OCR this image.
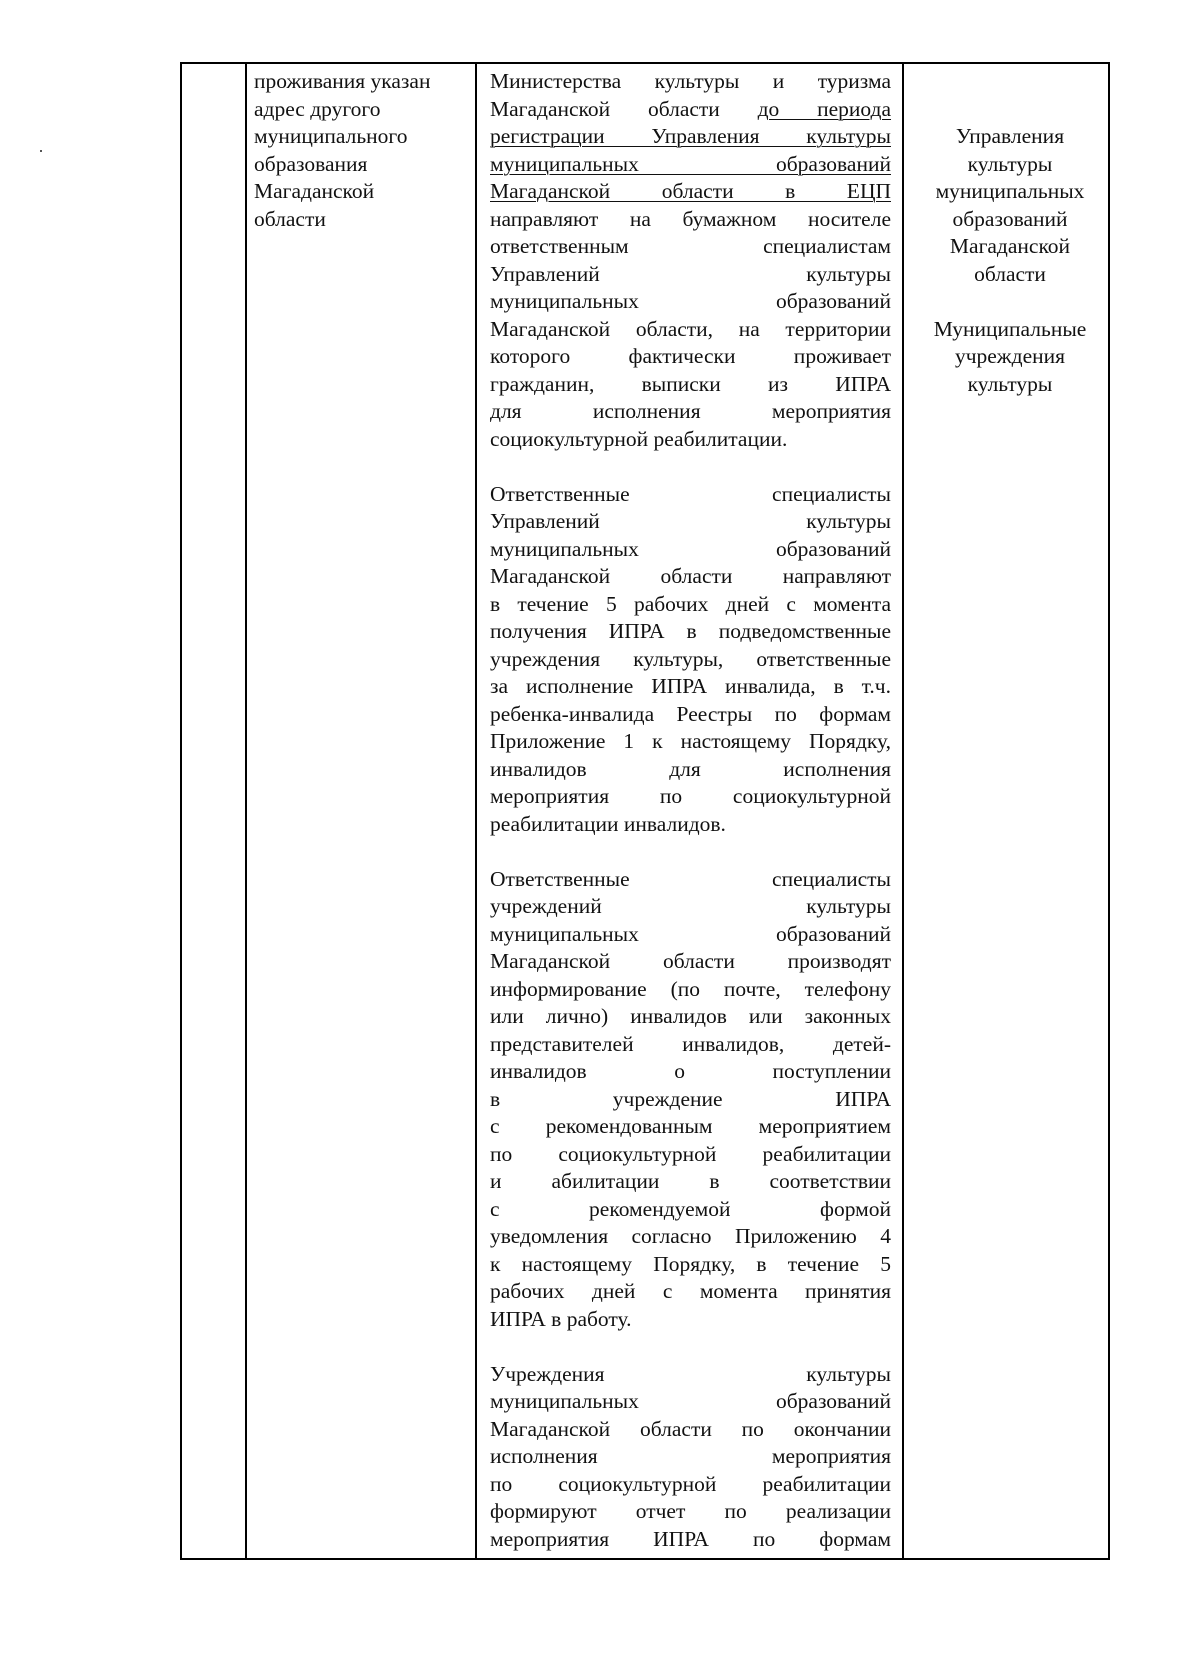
проживания указан
адрес другого
муниципального
образования
Магаданской
области
Министерства культуры и туризма
Магаданской области до периода
регистрации Управления культуры
муниципальных образований
Магаданской области в ЕЦП
направляют на бумажном носителе
ответственным специалистам
Управлений культуры
муниципальных образований
Магаданской области, на территории
которого фактически проживает
гражданин, выписки из ИПРА
для исполнения мероприятия
социокультурной реабилитации.
Ответственные специалисты
Управлений культуры
муниципальных образований
Магаданской области направляют
в течение 5 рабочих дней с момента
получения ИПРА в подведомственные
учреждения культуры, ответственные
за исполнение ИПРА инвалида, в т.ч.
ребенка-инвалида Реестры по формам
Приложение 1 к настоящему Порядку,
инвалидов для исполнения
мероприятия по социокультурной
реабилитации инвалидов.
Ответственные специалисты
учреждений культуры
муниципальных образований
Магаданской области производят
информирование (по почте, телефону
или лично) инвалидов или законных
представителей инвалидов, детей-
инвалидов о поступлении
в учреждение ИПРА
с рекомендованным мероприятием
по социокультурной реабилитации
и абилитации в соответствии
с рекомендуемой формой
уведомления согласно Приложению 4
к настоящему Порядку, в течение 5
рабочих дней с момента принятия
ИПРА в работу.
Учреждения культуры
муниципальных образований
Магаданской области по окончании
исполнения мероприятия
по социокультурной реабилитации
формируют отчет по реализации
мероприятия ИПРА по формам
Управления
культуры
муниципальных
образований
Магаданской
области
Муниципальные
учреждения
культуры
